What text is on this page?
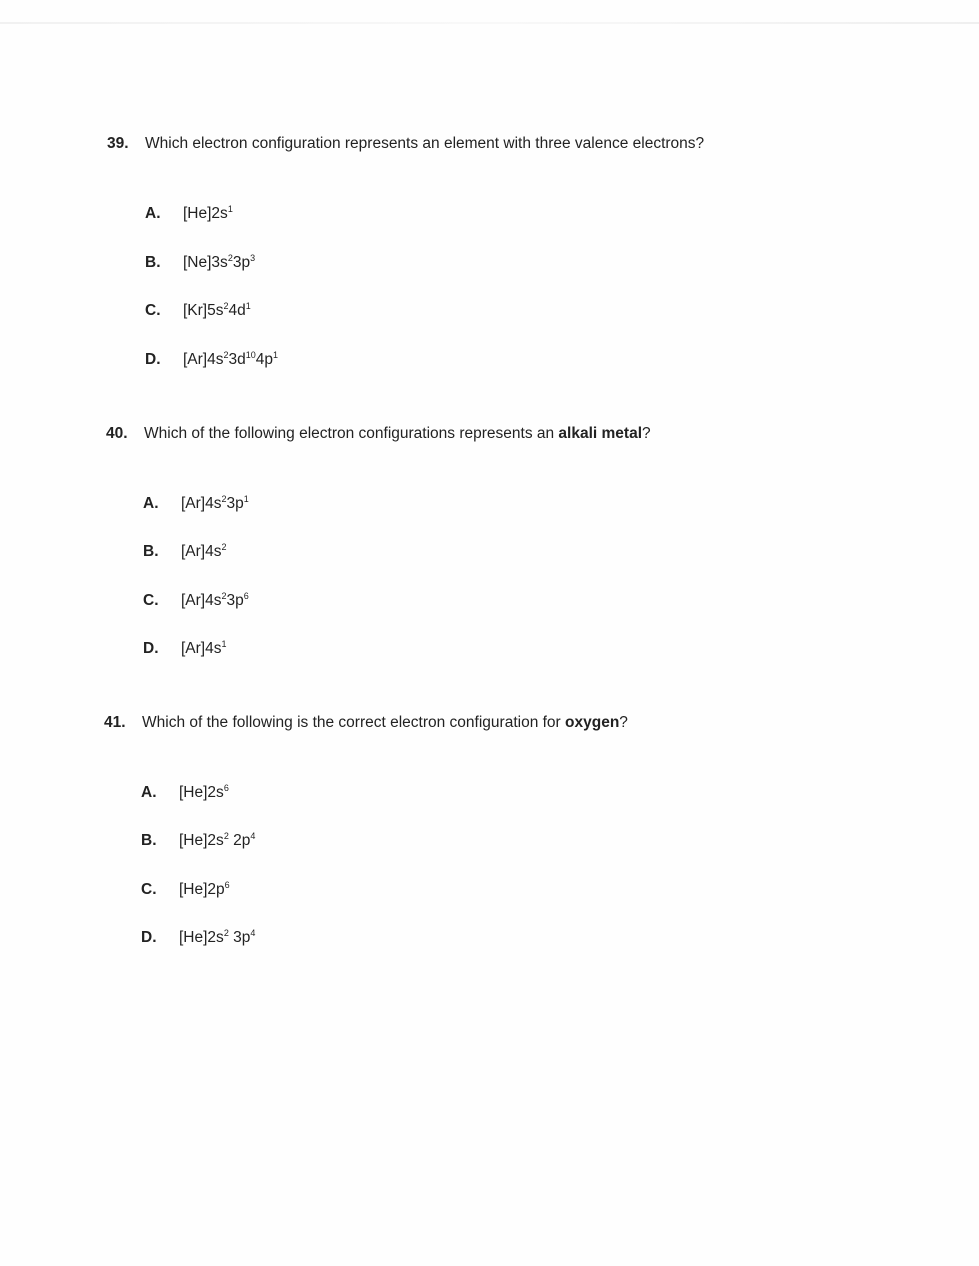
39. Which electron configuration represents an element with three valence electrons?
A. $[He]2s^1$
B. $[Ne]3s^23p^3$
C. $[Kr]5s^24d^1$
D. $[Ar]4s^23d^{10}4p^1$
40. Which of the following electron configurations represents an alkali metal?
A. $[Ar]4s^23p^1$
B. $[Ar]4s^2$
C. $[Ar]4s^23p^6$
D. $[Ar]4s^1$
41. Which of the following is the correct electron configuration for oxygen?
A. $[He]2s^6$
B. $[He]2s^2$ $2p^4$
C. $[He]2p^6$
D. $[He]2s^2$ $3p^4$
